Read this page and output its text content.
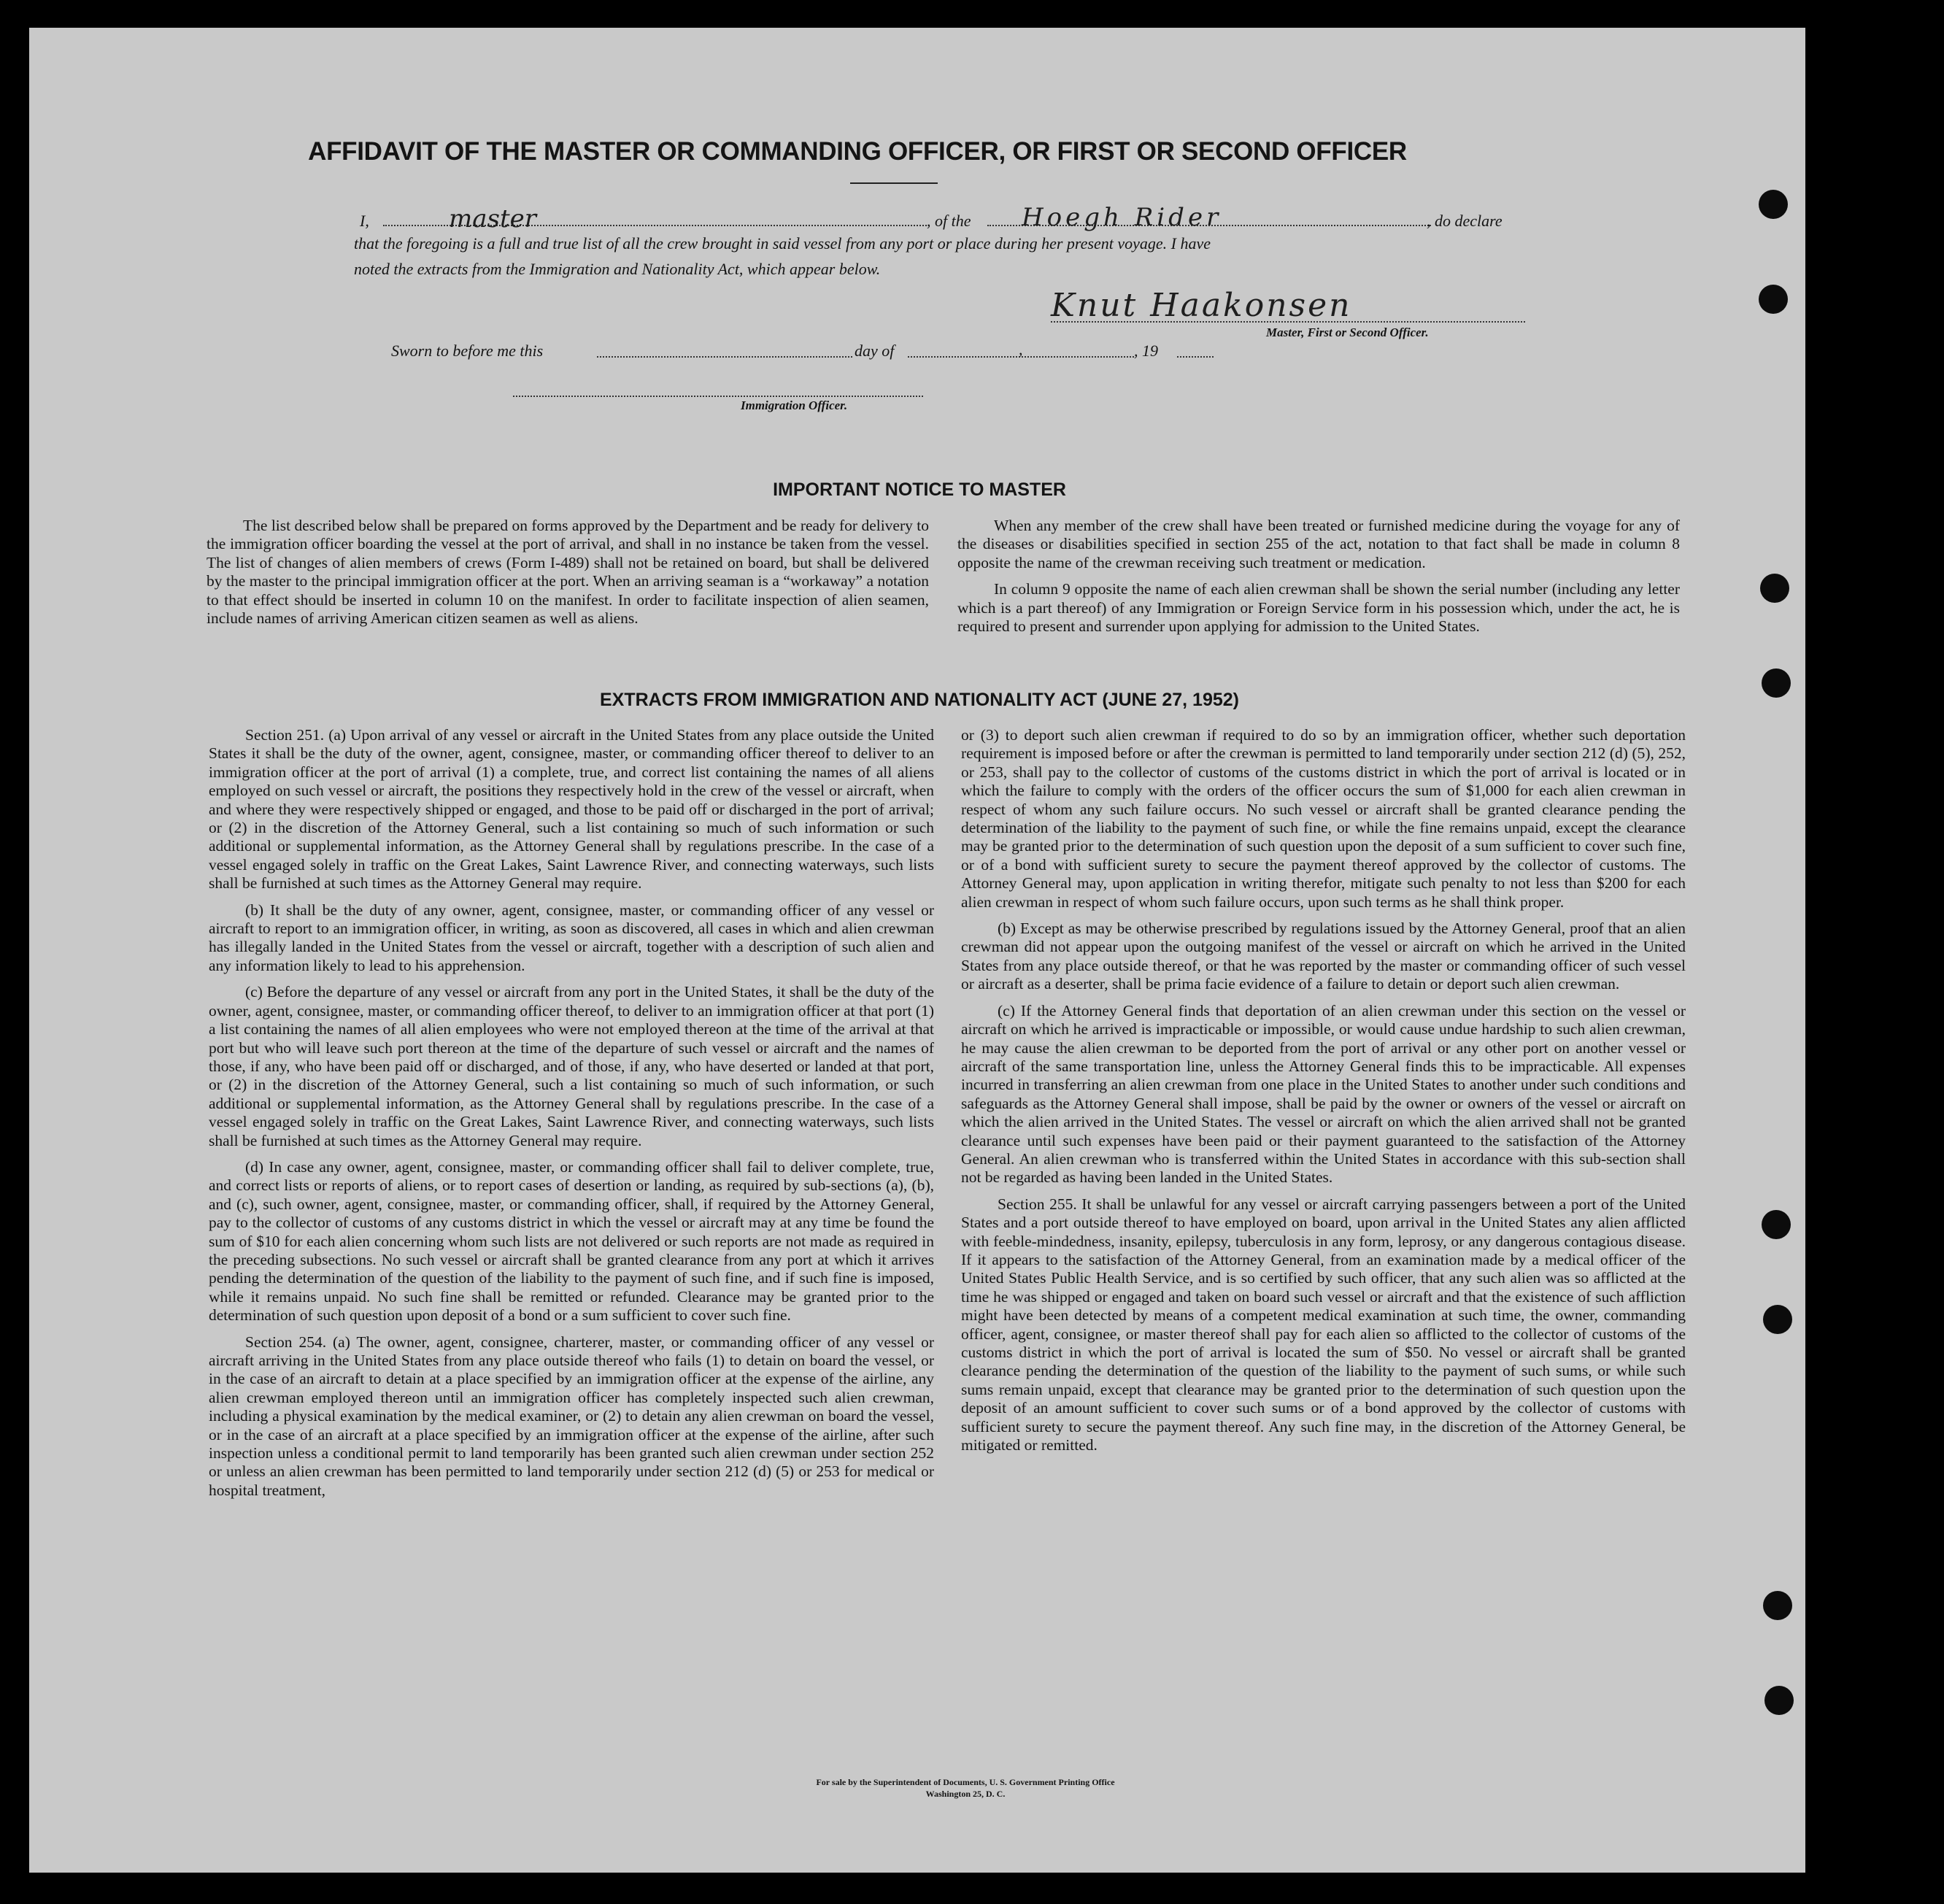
AFFIDAVIT OF THE MASTER OR COMMANDING OFFICER, OR FIRST OR SECOND OFFICER
I,	master	, of the Hoegh Rider	, do declare
that the foregoing is a full and true list of all the crew brought in said vessel from any port or place during her present voyage. I have
noted the extracts from the Immigration and Nationality Act, which appear below.
Knut Haakonsen
Master, First or Second Officer.
Sworn to before me this	day of	,	, 19
Immigration Officer.
IMPORTANT NOTICE TO MASTER

The list described below shall be prepared on forms approved by the Department and be ready for delivery to the immigration officer boarding the vessel at the port of arrival, and shall in no instance be taken from the vessel. The list of changes of alien members of crews (Form I-489) shall not be retained on board, but shall be delivered by the master to the principal immigration officer at the port. When an arriving seaman is a “workaway” a notation to that effect should be inserted in column 10 on the manifest. In order to facilitate inspection of alien seamen, include names of arriving American citizen seamen as well as aliens.

When any member of the crew shall have been treated or furnished medicine during the voyage for any of the diseases or disabilities specified in section 255 of the act, notation to that fact shall be made in column 8 opposite the name of the crewman receiving such treatment or medication.

In column 9 opposite the name of each alien crewman shall be shown the serial number (including any letter which is a part thereof) of any Immigration or Foreign Service form in his possession which, under the act, he is required to present and surrender upon applying for admission to the United States.

EXTRACTS FROM IMMIGRATION AND NATIONALITY ACT (JUNE 27, 1952)

Section 251. (a) Upon arrival of any vessel or aircraft in the United States from any place outside the United States it shall be the duty of the owner, agent, consignee, master, or commanding officer thereof to deliver to an immigration officer at the port of arrival (1) a complete, true, and correct list containing the names of all aliens employed on such vessel or aircraft, the positions they respectively hold in the crew of the vessel or aircraft, when and where they were respectively shipped or engaged, and those to be paid off or discharged in the port of arrival; or (2) in the discretion of the Attorney General, such a list containing so much of such information or such additional or supplemental information, as the Attorney General shall by regulations prescribe. In the case of a vessel engaged solely in traffic on the Great Lakes, Saint Lawrence River, and connecting waterways, such lists shall be furnished at such times as the Attorney General may require.

(b) It shall be the duty of any owner, agent, consignee, master, or commanding officer of any vessel or aircraft to report to an immigration officer, in writing, as soon as discovered, all cases in which and alien crewman has illegally landed in the United States from the vessel or aircraft, together with a description of such alien and any information likely to lead to his apprehension.

(c) Before the departure of any vessel or aircraft from any port in the United States, it shall be the duty of the owner, agent, consignee, master, or commanding officer thereof, to deliver to an immigration officer at that port (1) a list containing the names of all alien employees who were not employed thereon at the time of the arrival at that port but who will leave such port thereon at the time of the departure of such vessel or aircraft and the names of those, if any, who have been paid off or discharged, and of those, if any, who have deserted or landed at that port, or (2) in the discretion of the Attorney General, such a list containing so much of such information, or such additional or supplemental information, as the Attorney General shall by regulations prescribe. In the case of a vessel engaged solely in traffic on the Great Lakes, Saint Lawrence River, and connecting waterways, such lists shall be furnished at such times as the Attorney General may require.

(d) In case any owner, agent, consignee, master, or commanding officer shall fail to deliver complete, true, and correct lists or reports of aliens, or to report cases of desertion or landing, as required by sub-sections (a), (b), and (c), such owner, agent, consignee, master, or commanding officer, shall, if required by the Attorney General, pay to the collector of customs of any customs district in which the vessel or aircraft may at any time be found the sum of $10 for each alien concerning whom such lists are not delivered or such reports are not made as required in the preceding subsections. No such vessel or aircraft shall be granted clearance from any port at which it arrives pending the determination of the question of the liability to the payment of such fine, and if such fine is imposed, while it remains unpaid. No such fine shall be remitted or refunded. Clearance may be granted prior to the determination of such question upon deposit of a bond or a sum sufficient to cover such fine.

Section 254. (a) The owner, agent, consignee, charterer, master, or commanding officer of any vessel or aircraft arriving in the United States from any place outside thereof who fails (1) to detain on board the vessel, or in the case of an aircraft to detain at a place specified by an immigration officer at the expense of the airline, any alien crewman employed thereon until an immigration officer has completely inspected such alien crewman, including a physical examination by the medical examiner, or (2) to detain any alien crewman on board the vessel, or in the case of an aircraft at a place specified by an immigration officer at the expense of the airline, after such inspection unless a conditional permit to land temporarily has been granted such alien crewman under section 252 or unless an alien crewman has been permitted to land temporarily under section 212 (d) (5) or 253 for medical or hospital treatment,

or (3) to deport such alien crewman if required to do so by an immigration officer, whether such deportation requirement is imposed before or after the crewman is permitted to land temporarily under section 212 (d) (5), 252, or 253, shall pay to the collector of customs of the customs district in which the port of arrival is located or in which the failure to comply with the orders of the officer occurs the sum of $1,000 for each alien crewman in respect of whom any such failure occurs. No such vessel or aircraft shall be granted clearance pending the determination of the liability to the payment of such fine, or while the fine remains unpaid, except the clearance may be granted prior to the determination of such question upon the deposit of a sum sufficient to cover such fine, or of a bond with sufficient surety to secure the payment thereof approved by the collector of customs. The Attorney General may, upon application in writing therefor, mitigate such penalty to not less than $200 for each alien crewman in respect of whom such failure occurs, upon such terms as he shall think proper.

(b) Except as may be otherwise prescribed by regulations issued by the Attorney General, proof that an alien crewman did not appear upon the outgoing manifest of the vessel or aircraft on which he arrived in the United States from any place outside thereof, or that he was reported by the master or commanding officer of such vessel or aircraft as a deserter, shall be prima facie evidence of a failure to detain or deport such alien crewman.

(c) If the Attorney General finds that deportation of an alien crewman under this section on the vessel or aircraft on which he arrived is impracticable or impossible, or would cause undue hardship to such alien crewman, he may cause the alien crewman to be deported from the port of arrival or any other port on another vessel or aircraft of the same transportation line, unless the Attorney General finds this to be impracticable. All expenses incurred in transferring an alien crewman from one place in the United States to another under such conditions and safeguards as the Attorney General shall impose, shall be paid by the owner or owners of the vessel or aircraft on which the alien arrived in the United States. The vessel or aircraft on which the alien arrived shall not be granted clearance until such expenses have been paid or their payment guaranteed to the satisfaction of the Attorney General. An alien crewman who is transferred within the United States in accordance with this sub-section shall not be regarded as having been landed in the United States.

Section 255. It shall be unlawful for any vessel or aircraft carrying passengers between a port of the United States and a port outside thereof to have employed on board, upon arrival in the United States any alien afflicted with feeble-mindedness, insanity, epilepsy, tuberculosis in any form, leprosy, or any dangerous contagious disease. If it appears to the satisfaction of the Attorney General, from an examination made by a medical officer of the United States Public Health Service, and is so certified by such officer, that any such alien was so afflicted at the time he was shipped or engaged and taken on board such vessel or aircraft and that the existence of such affliction might have been detected by means of a competent medical examination at such time, the owner, commanding officer, agent, consignee, or master thereof shall pay for each alien so afflicted to the collector of customs of the customs district in which the port of arrival is located the sum of $50. No vessel or aircraft shall be granted clearance pending the determination of the question of the liability to the payment of such sums, or while such sums remain unpaid, except that clearance may be granted prior to the determination of such question upon the deposit of an amount sufficient to cover such sums or of a bond approved by the collector of customs with sufficient surety to secure the payment thereof. Any such fine may, in the discretion of the Attorney General, be mitigated or remitted.

For sale by the Superintendent of Documents, U. S. Government Printing Office
Washington 25, D. C.
